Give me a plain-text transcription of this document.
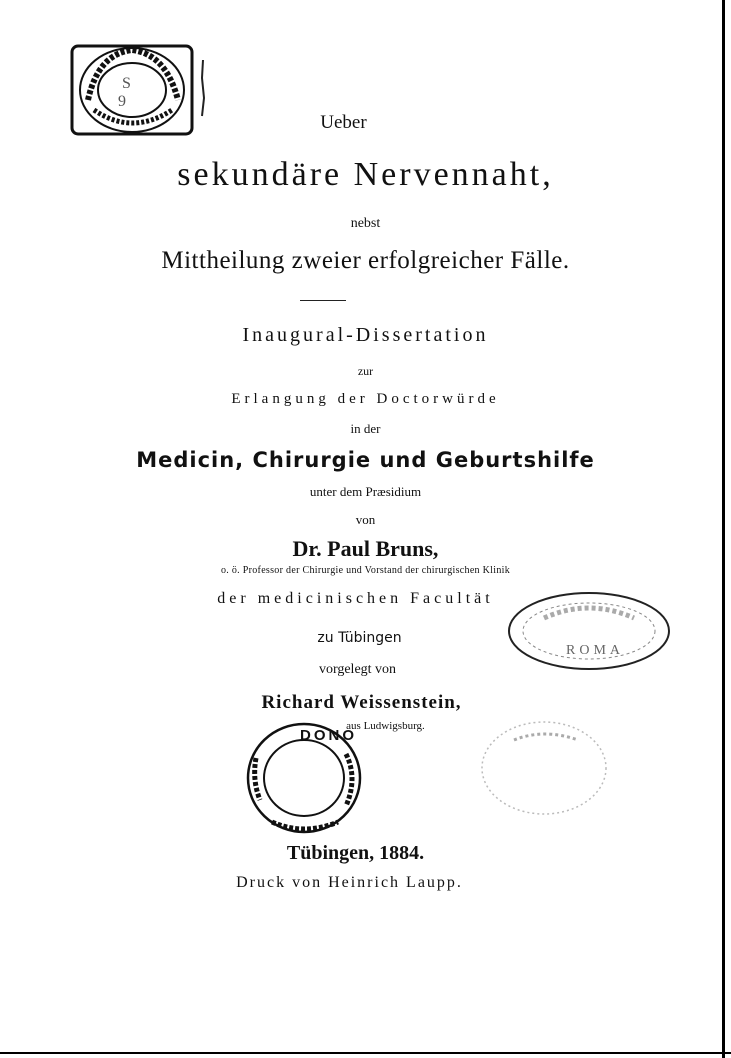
S
9
Ueber
sekundäre Nervennaht,
nebst
Mittheilung zweier erfolgreicher Fälle.
Inaugural-Dissertation
zur
Erlangung der Doctorwürde
in der
Medicin, Chirurgie und Geburtshilfe
unter dem Præsidium
von
Dr. Paul Bruns,
o. ö. Professor der Chirurgie und Vorstand der chirurgischen Klinik
der medicinischen Facultät
zu Tübingen
vorgelegt von
Richard Weissenstein,
aus Ludwigsburg.
Tübingen, 1884.
Druck von Heinrich Laupp.
ROMA
DONO
